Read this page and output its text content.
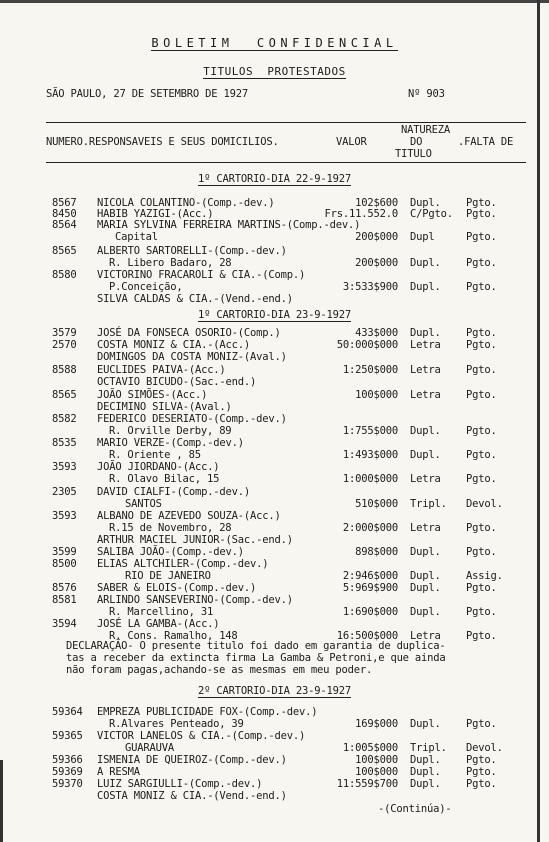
BOLETIM  CONFIDENCIAL
TITULOS  PROTESTADOS
SÃO PAULO, 27 DE SETEMBRO DE 1927	Nº 903
NATUREZA
NUMERO.RESPONSAVEIS E SEUS DOMICILIOS.	VALOR	DO	.FALTA DE
TITULO
1º CARTORIO-DIA 22-9-1927
8567 NICOLA COLANTINO-(Comp.-dev.)	102$600 Dupl. Pgto.
8450 HABIB YAZIGI-(Acc.)	Frs.11.552.0 C/Pgto. Pgto.
8564 MARIA SYLVINA FERREIRA MARTINS-(Comp.-dev.)
Capital	200$000 Dupl	Pgto.
8565 ALBERTO SARTORELLI-(Comp.-dev.)
R. Libero Badaro, 28	200$000 Dupl. Pgto.
8580 VICTORINO FRACAROLI & CIA.-(Comp.)
P.Conceição,	3:533$900 Dupl. Pgto.
SILVA CALDAS & CIA.-(Vend.-end.)
3579 JOSÉ DA FONSECA OSORIO-(Comp.)	433$000 Dupl. Pgto.
2570 COSTA MONIZ & CIA.-(Acc.)	50:000$000 Letra Pgto.
DOMINGOS DA COSTA MONIZ-(Aval.)
8588 EUCLIDES PAIVA-(Acc.)	1:250$000 Letra Pgto.
OCTAVIO BICUDO-(Sac.-end.)
8565 JOÃO SIMÕES-(Acc.)	100$000 Letra Pgto.
DECIMINO SILVA-(Aval.)
8582 FEDERICO DESERIATO-(Comp.-dev.)
R. Orville Derby, 89	1:755$000 Dupl. Pgto.
8535 MARIO VERZE-(Comp.-dev.)
R. Oriente , 85	1:493$000 Dupl. Pgto.
3593 JOÃO JIORDANO-(Acc.)
R. Olavo Bilac, 15	1:000$000 Letra Pgto.
2305 DAVID CIALFI-(Comp.-dev.)
SANTOS	510$000 Tripl. Devol.
3593 ALBANO DE AZEVEDO SOUZA-(Acc.)
R.15 de Novembro, 28	2:000$000 Letra Pgto.
ARTHUR MACIEL JUNIOR-(Sac.-end.)
3599 SALIBA JOÃO-(Comp.-dev.)	898$000 Dupl. Pgto.
8500 ELIAS ALTCHILER-(Comp.-dev.)
RIO DE JANEIRO	2:946$000 Dupl. Assig.
8576 SABER & ELOIS-(Comp.-dev.)	5:969$900 Dupl. Pgto.
8581 ARLINDO SANSEVERINO-(Comp.-dev.)
R. Marcellino, 31	1:690$000 Dupl. Pgto.
3594 JOSÉ LA GAMBA-(Acc.)
R. Cons. Ramalho, 148	16:500$000 Letra Pgto.
59364 EMPREZA PUBLICIDADE FOX-(Comp.-dev.)
R.Alvares Penteado, 39	169$000 Dupl. Pgto.
59365 VICTOR LANELOS & CIA.-(Comp.-dev.)
GUARAUVA	1:005$000 Tripl. Devol.
59366 ISMENIA DE QUEIROZ-(Comp.-dev.)	100$000 Dupl. Pgto.
59369 A RESMA	100$000 Dupl. Pgto.
59370 LUIZ SARGIULLI-(Comp.-dev.)	11:559$700 Dupl. Pgto.
COSTA MONIZ & CIA.-(Vend.-end.)
1º CARTORIO-DIA 23-9-1927
DECLARAÇÃO- O presente titulo foi dado em garantia de duplica-
tas a receber da extincta firma La Gamba & Petroni,e que ainda
não foram pagas,achando-se as mesmas em meu poder.
2º CARTORIO-DIA 23-9-1927
-(Continúa)-
